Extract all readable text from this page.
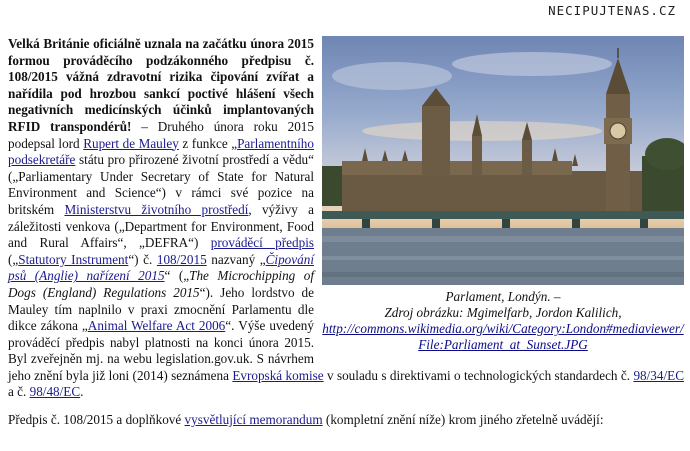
NECIPUJTENAS.CZ
Parlament, Londýn. –
Zdroj obrázku: Mgimelfarb, Jordon Kalilich,
http://commons.wikimedia.org/wiki/Category:London#mediaviewer/File:Parliament_at_Sunset.JPG

Velká Británie oficiálně uznala na začátku února 2015 formou prováděcího podzákonného předpisu č. 108/2015 vážná zdravotní rizika čipování zvířat a nařídila pod hrozbou sankcí poctivé hlášení všech negativních medicínských účinků implantovaných RFID transpondérů! – Druhého února roku 2015 podepsal lord Rupert de Mauley z funkce „Parlamentního podsekretáře státu pro přirozené životní prostředí a vědu“ („Parliamentary Under Secretary of State for Natural Environment and Science“) v rámci své pozice na britském Ministerstvu životního prostředí, výživy a záležitosti venkova („Department for Environment, Food and Rural Affairs“, „DEFRA“) prováděcí předpis („Statutory Instrument“) č. 108/2015 nazvaný „Čipování psů (Anglie) nařízení 2015“ („The Microchipping of Dogs (England) Regulations 2015“). Jeho lordstvo de Mauley tím naplnilo v praxi zmocnění Parlamentu dle dikce zákona „Animal Welfare Act 2006“. Výše uvedený prováděcí předpis nabyl platnosti na konci února 2015. Byl zveřejněn mj. na webu legislation.gov.uk. S návrhem jeho znění byla již loni (2014) seznámena Evropská komise v souladu s direktivami o technologických standardech č. 98/34/EC a č. 98/48/EC.

Předpis č. 108/2015 a doplňkové vysvětlující memorandum (kompletní znění níže) krom jiného zřetelně uvádějí:
